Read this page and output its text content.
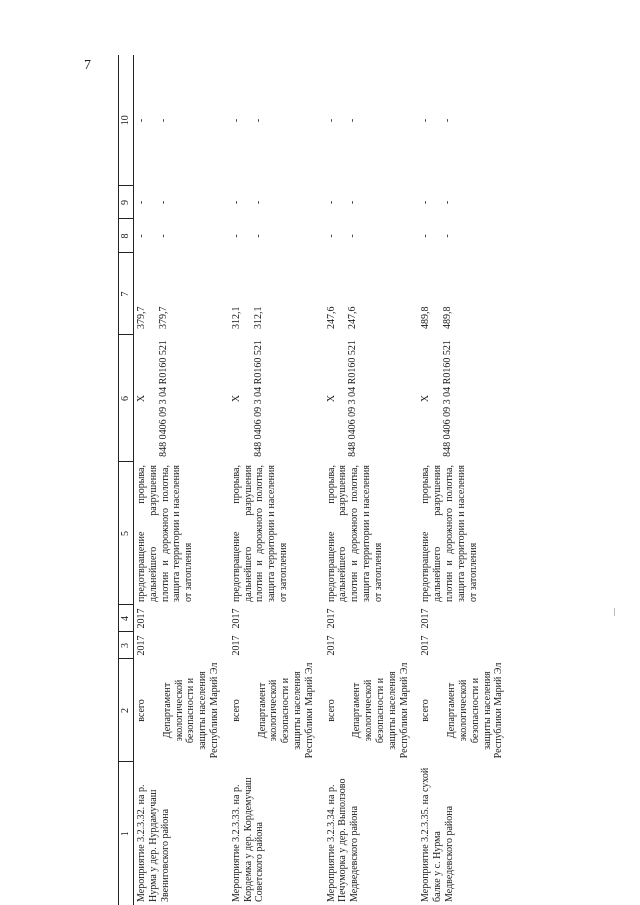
7
1	2	3	4	5	6	7	8	9	10
Мероприятие 3.2.3.32. на р. Нурма у дер. Нурдамучаш Звениговского района	всего Департамент экологической безопасности и защиты населения Республики Марий Эл	2017	2017	предотвращение прорыва, дальнейшего разрушения плотин и дорожного полотна, защита территории и населения от затопления	X 848 0406 09 3 04 R0160 521	379,7 379,7	- -	- -	- -

Мероприятие 3.2.3.33. на р. Кордемка у дер. Кордемучаш Советского района	всего Департамент экологической безопасности и защиты населения Республики Марий Эл	2017	2017	предотвращение прорыва, дальнейшего разрушения плотин и дорожного полотна, защита территории и населения от затопления	X 848 0406 09 3 04 R0160 521	312,1 312,1	- -	- -	- -

Мероприятие 3.2.3.34. на р. Печуморка у дер. Выползово Медведевского района	всего Департамент экологической безопасности и защиты населения Республики Марий Эл	2017	2017	предотвращение прорыва, дальнейшего разрушения плотин и дорожного полотна, защита территории и населения от затопления	X 848 0406 09 3 04 R0160 521	247,6 247,6	- -	- -	- -

Мероприятие 3.2.3.35. на сухой балке у с. Нурма Медведевского района	всего Департамент экологической безопасности и защиты населения Республики Марий Эл	2017	2017	предотвращение прорыва, дальнейшего разрушения плотин и дорожного полотна, защита территории и населения от затопления	X 848 0406 09 3 04 R0160 521	489,8 489,8	- -	- -	- -
